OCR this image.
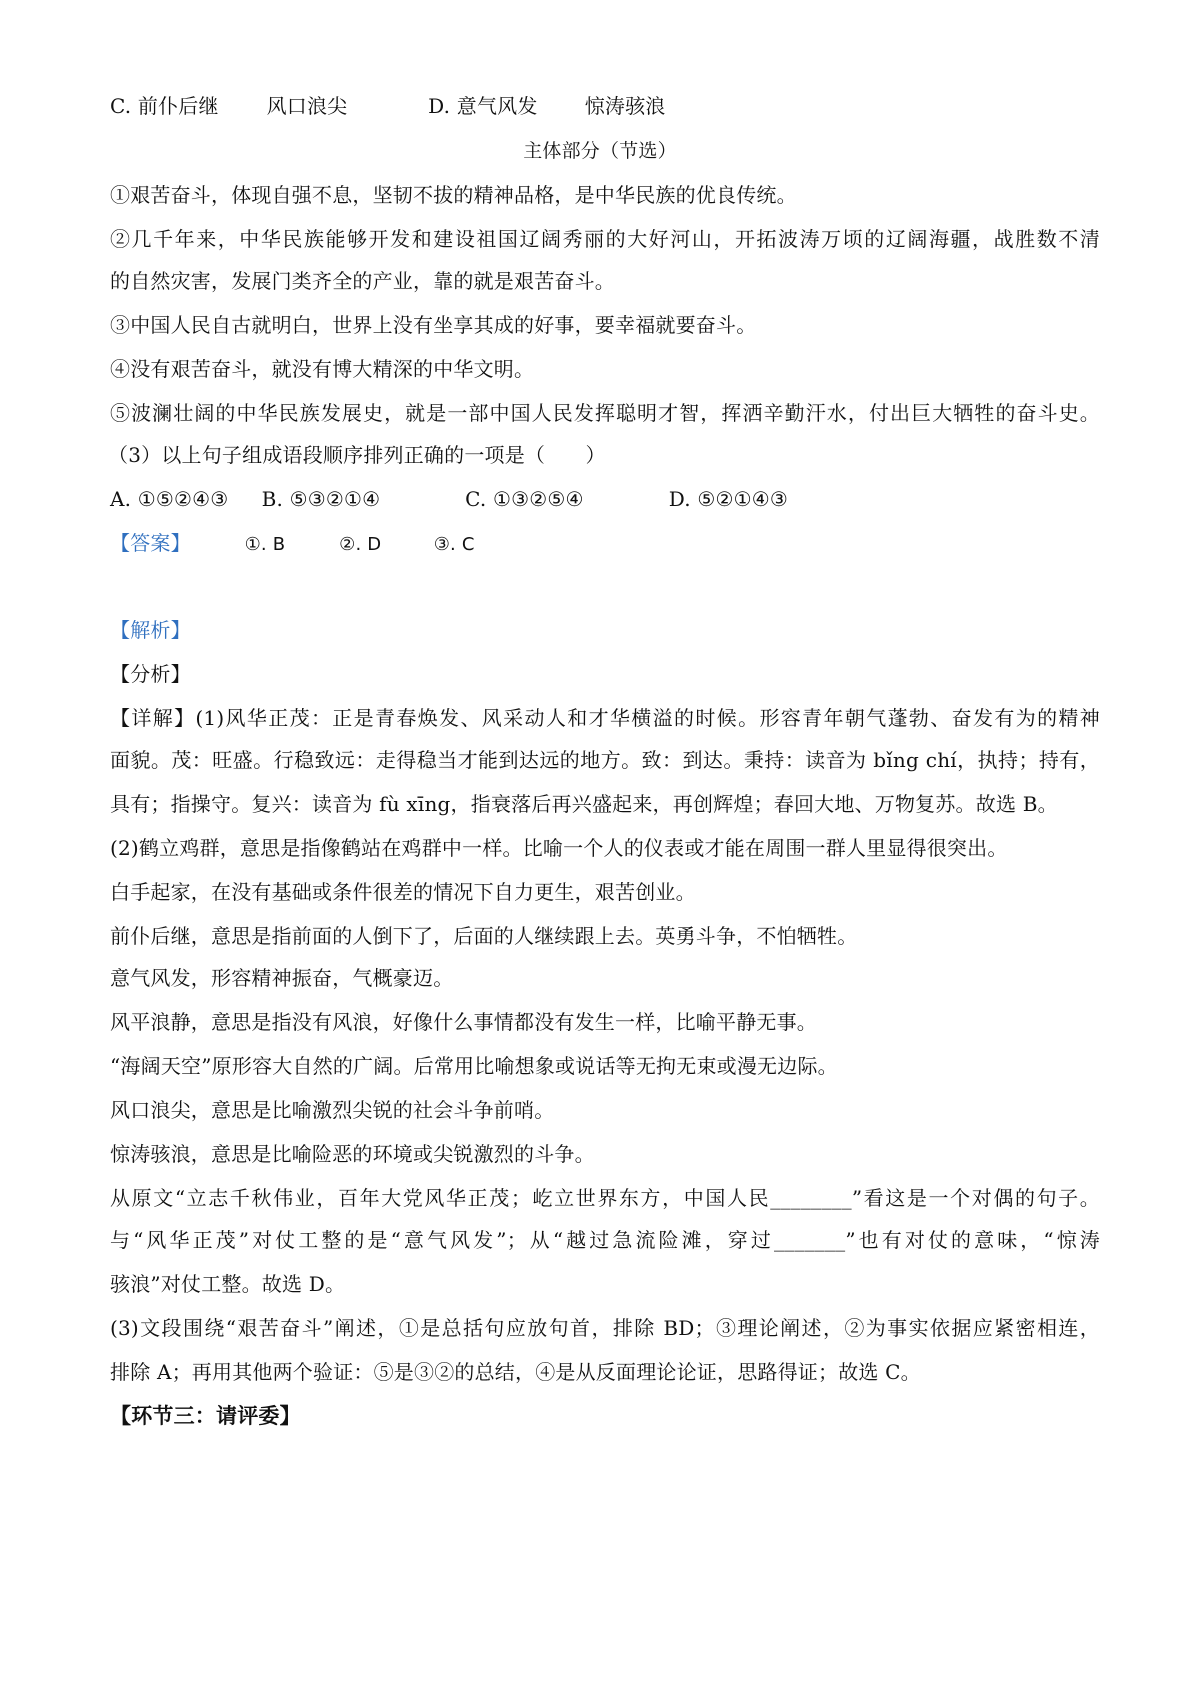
C. 前仆后继 风口浪尖	D. 意气风发 惊涛骇浪
主体部分（节选）
①艰苦奋斗，体现自强不息，坚韧不拔的精神品格，是中华民族的优良传统。
②几千年来，中华民族能够开发和建设祖国辽阔秀丽的大好河山，开拓波涛万顷的辽阔海疆，战胜数不清
的自然灾害，发展门类齐全的产业，靠的就是艰苦奋斗。
③中国人民自古就明白，世界上没有坐享其成的好事，要幸福就要奋斗。
④没有艰苦奋斗，就没有博大精深的中华文明。
⑤波澜壮阔的中华民族发展史，就是一部中国人民发挥聪明才智，挥洒辛勤汗水，付出巨大牺牲的奋斗史。
（3）以上句子组成语段顺序排列正确的一项是（　　）
A. ①⑤②④③ B. ⑤③②①④	C. ①③②⑤④	D. ⑤②①④③
【答案】	①. B	②. D	③. C
【解析】
【分析】
【详解】(1)风华正茂：正是青春焕发、风采动人和才华横溢的时候。形容青年朝气蓬勃、奋发有为的精神
面貌。茂：旺盛。行稳致远：走得稳当才能到达远的地方。致：到达。秉持：读音为 bǐng chí，执持；持有，
具有；指操守。复兴：读音为 fù xīng，指衰落后再兴盛起来，再创辉煌；春回大地、万物复苏。故选 B。
(2)鹤立鸡群，意思是指像鹤站在鸡群中一样。比喻一个人的仪表或才能在周围一群人里显得很突出。
白手起家，在没有基础或条件很差的情况下自力更生，艰苦创业。
前仆后继，意思是指前面的人倒下了，后面的人继续跟上去。英勇斗争，不怕牺牲。
意气风发，形容精神振奋，气概豪迈。
风平浪静，意思是指没有风浪，好像什么事情都没有发生一样，比喻平静无事。
“海阔天空”原形容大自然的广阔。后常用比喻想象或说话等无拘无束或漫无边际。
风口浪尖，意思是比喻激烈尖锐的社会斗争前哨。
惊涛骇浪，意思是比喻险恶的环境或尖锐激烈的斗争。
从原文“立志千秋伟业，百年大党风华正茂；屹立世界东方，中国人民________”看这是一个对偶的句子。
与“风华正茂”对仗工整的是“意气风发”；从“越过急流险滩，穿过_______”也有对仗的意味，“惊涛
骇浪”对仗工整。故选 D。
(3)文段围绕“艰苦奋斗”阐述，①是总括句应放句首，排除 BD；③理论阐述，②为事实依据应紧密相连，
排除 A；再用其他两个验证：⑤是③②的总结，④是从反面理论论证，思路得证；故选 C。
【环节三：请评委】
